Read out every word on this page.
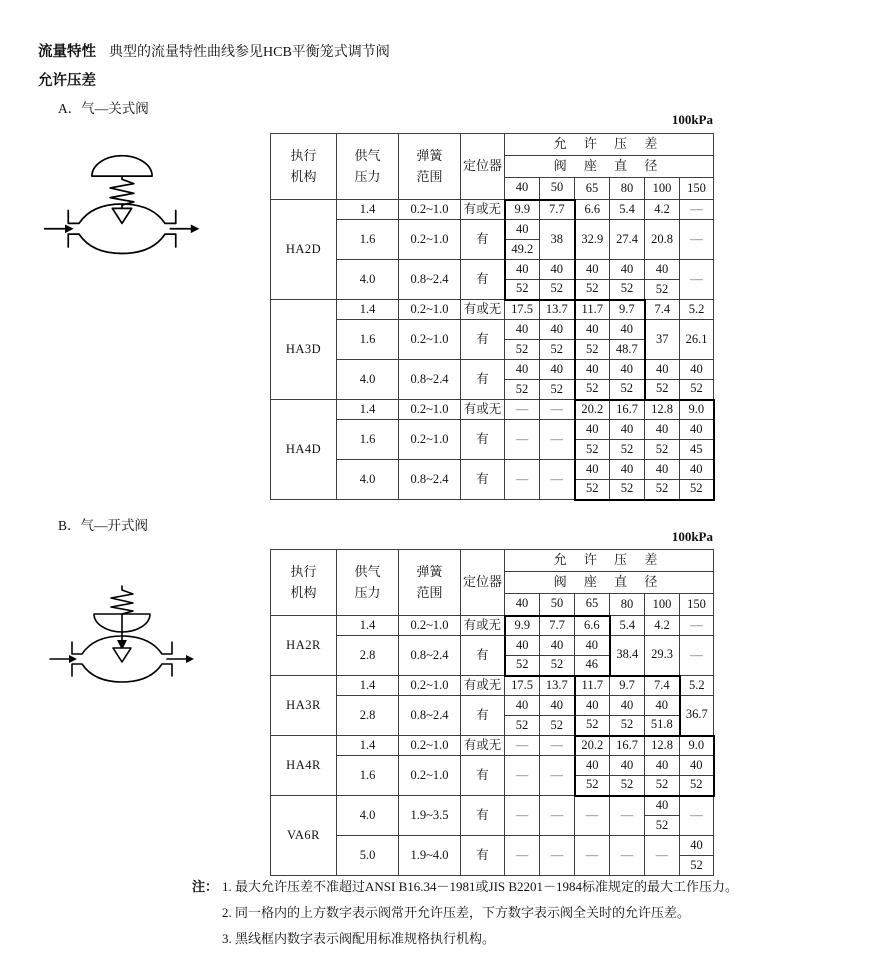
流量特性 典型的流量特性曲线参见HCB平衡笼式调节阀
允许压差
A．气—关式阀
100kPa
执行
机构

供气
压力

弹簧
范围
	定位器	允 许 压 差
				阀 座 直 径					
				40	50	65	80	100	150
HA2D	1.4	0.2~1.0	有或无	9.9	7.7	6.6	5.4	4.2	—
	1.6	0.2~1.0	有	40	38	32.9	27.4	20.8	—
				49.2					
	4.0	0.8~2.4	有	40	40	40	40	40	—
				52	52	52	52	52	
HA3D	1.4	0.2~1.0	有或无	17.5	13.7	11.7	9.7	7.4	5.2
	1.6	0.2~1.0	有	40	40	40	40	37	26.1
				52	52	52	48.7		
	4.0	0.8~2.4	有	40	40	40	40	40	40
				52	52	52	52	52	52
HA4D	1.4	0.2~1.0	有或无	—	—	20.2	16.7	12.8	9.0
	1.6	0.2~1.0	有	—	—	40	40	40	40
						52	52	52	45
	4.0	0.8~2.4	有	—	—	40	40	40	40
						52	52	52	52
B．气—开式阀
100kPa
执行
机构

供气
压力

弹簧
范围
	定位器	允 许 压 差
				阀 座 直 径					
				40	50	65	80	100	150
HA2R	1.4	0.2~1.0	有或无	9.9	7.7	6.6	5.4	4.2	—
	2.8	0.8~2.4	有	40	40	40	38.4	29.3	—
				52	52	46			
HA3R	1.4	0.2~1.0	有或无	17.5	13.7	11.7	9.7	7.4	5.2
	2.8	0.8~2.4	有	40	40	40	40	40	36.7
				52	52	52	52	51.8	
HA4R	1.4	0.2~1.0	有或无	—	—	20.2	16.7	12.8	9.0
	1.6	0.2~1.0	有	—	—	40	40	40	40
						52	52	52	52
VA6R	4.0	1.9~3.5	有	—	—	—	—	40	—
								52	
	5.0	1.9~4.0	有	—	—	—	—	—	40
									52
注： 1. 最大允许压差不准超过ANSI B16.34－1981或JIS B2201－1984标准规定的最大工作压力。
2. 同一格内的上方数字表示阀常开允许压差，下方数字表示阀全关时的允许压差。
3. 黑线框内数字表示阀配用标准规格执行机构。
